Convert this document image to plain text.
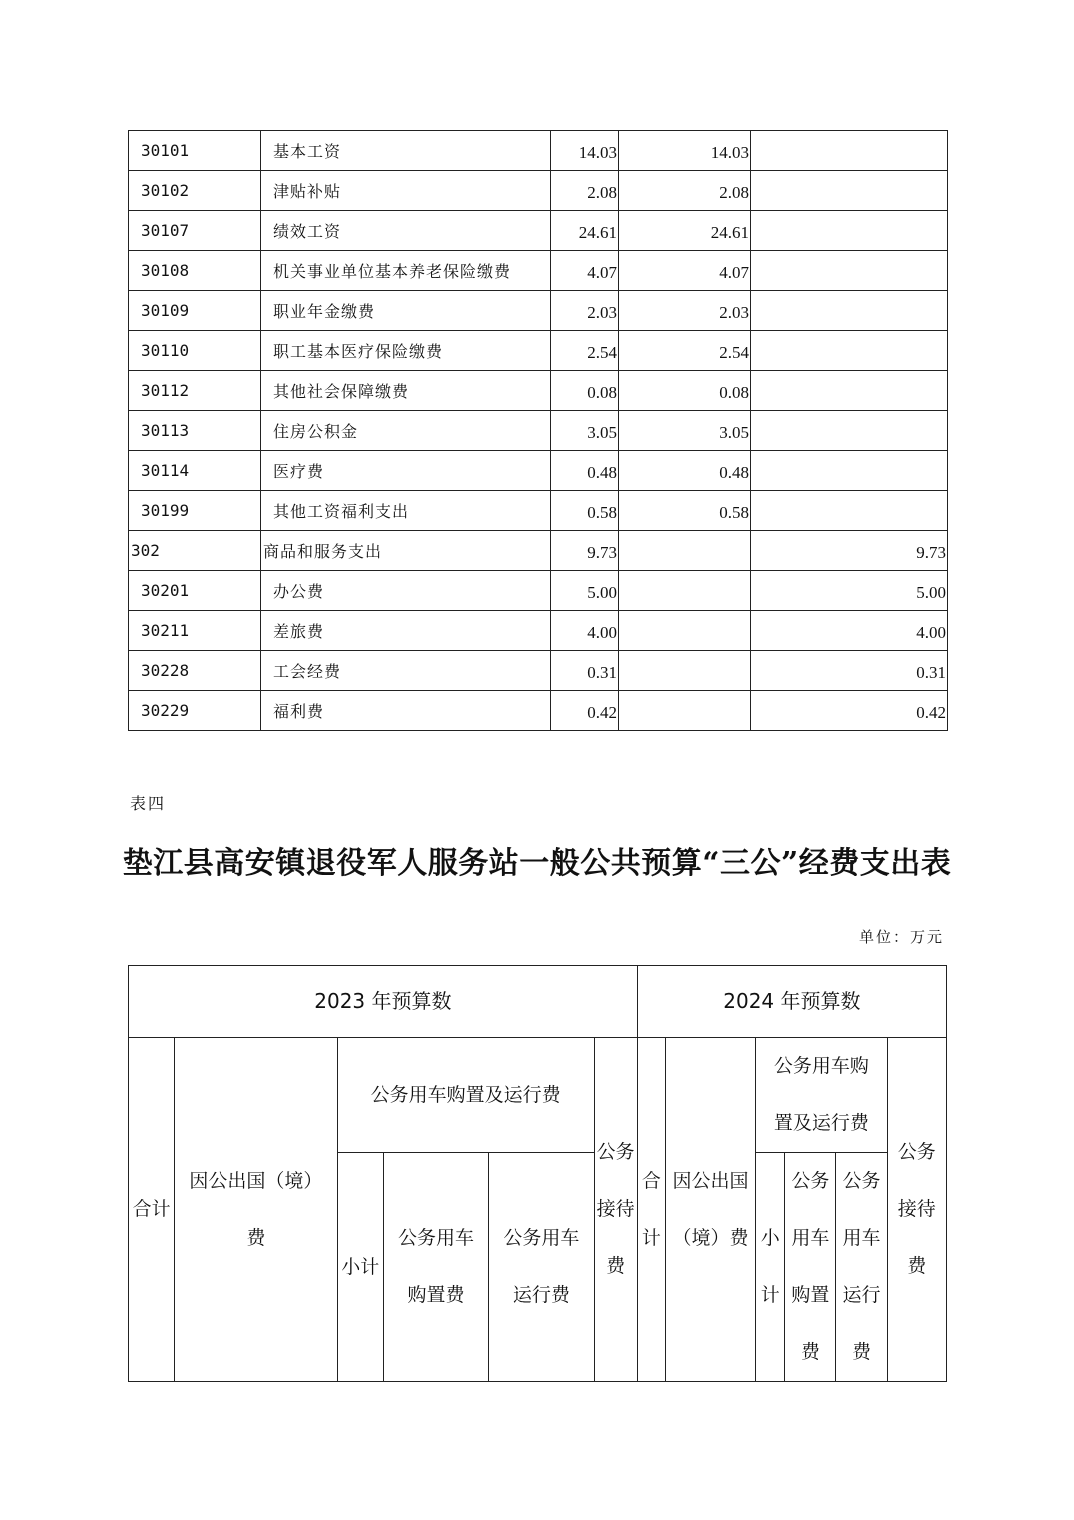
30101	基本工资	14.03	14.03	
30102	津贴补贴	2.08	2.08	
30107	绩效工资	24.61	24.61	
30108	机关事业单位基本养老保险缴费	4.07	4.07	
30109	职业年金缴费	2.03	2.03	
30110	职工基本医疗保险缴费	2.54	2.54	
30112	其他社会保障缴费	0.08	0.08	
30113	住房公积金	3.05	3.05	
30114	医疗费	0.48	0.48	
30199	其他工资福利支出	0.58	0.58	
302	商品和服务支出	9.73		9.73
30201	办公费	5.00		5.00
30211	差旅费	4.00		4.00
30228	工会经费	0.31		0.31
30229	福利费	0.42		0.42
表四
垫江县高安镇退役军人服务站一般公共预算“三公”经费支出表
单位：万元
2023 年预算数						2024 年预算数					
合计	因公出国（境）费	公务用车购置及运行费			公务接待费	合计	因公出国（境）费	公务用车购置及运行费			公务接待费
		小计	公务用车购置费	公务用车运行费				小计	公务用车购置费	公务用车运行费	
